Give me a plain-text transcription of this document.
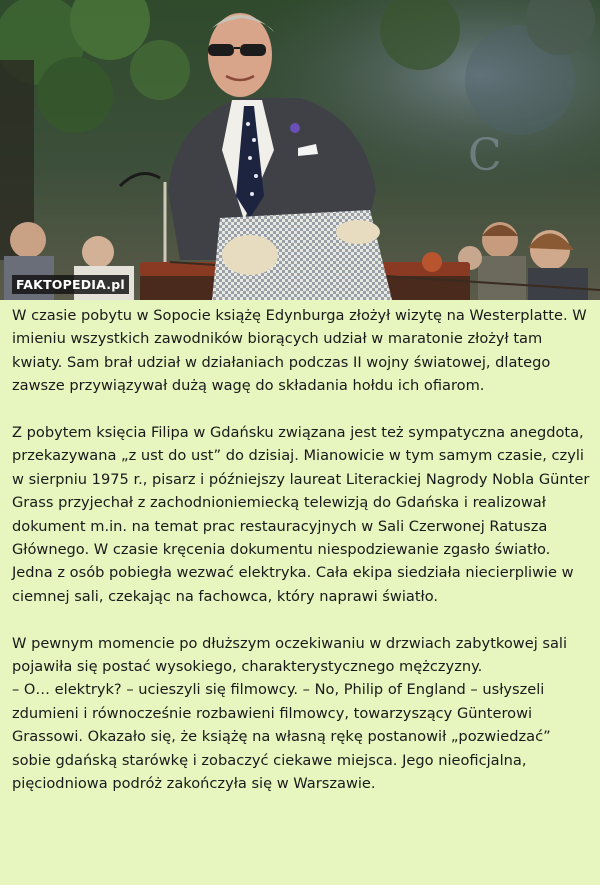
C
FAKTOPEDIA.pl

W czasie pobytu w Sopocie książę Edynburga złożył wizytę na Westerplatte. W imieniu wszystkich zawodników biorących udział w maratonie złożył tam kwiaty. Sam brał udział w działaniach podczas II wojny światowej, dlatego zawsze przywiązywał dużą wagę do składania hołdu ich ofiarom.

Z pobytem księcia Filipa w Gdańsku związana jest też sympatyczna anegdota, przekazywana „z ust do ust” do dzisiaj. Mianowicie w tym samym czasie, czyli w sierpniu 1975 r., pisarz i późniejszy laureat Literackiej Nagrody Nobla Günter Grass przyjechał z zachodnioniemiecką telewizją do Gdańska i realizował dokument m.in. na temat prac restauracyjnych w Sali Czerwonej Ratusza Głównego. W czasie kręcenia dokumentu niespodziewanie zgasło światło. Jedna z osób pobiegła wezwać elektryka. Cała ekipa siedziała niecierpliwie w ciemnej sali, czekając na fachowca, który naprawi światło.

W pewnym momencie po dłuższym oczekiwaniu w drzwiach zabytkowej sali pojawiła się postać wysokiego, charakterystycznego mężczyzny.
– O… elektryk? – ucieszyli się filmowcy. – No, Philip of England – usłyszeli zdumieni i równocześnie rozbawieni filmowcy, towarzyszący Günterowi Grassowi. Okazało się, że książę na własną rękę postanowił „pozwiedzać” sobie gdańską starówkę i zobaczyć ciekawe miejsca. Jego nieoficjalna, pięciodniowa podróż zakończyła się w Warszawie.
